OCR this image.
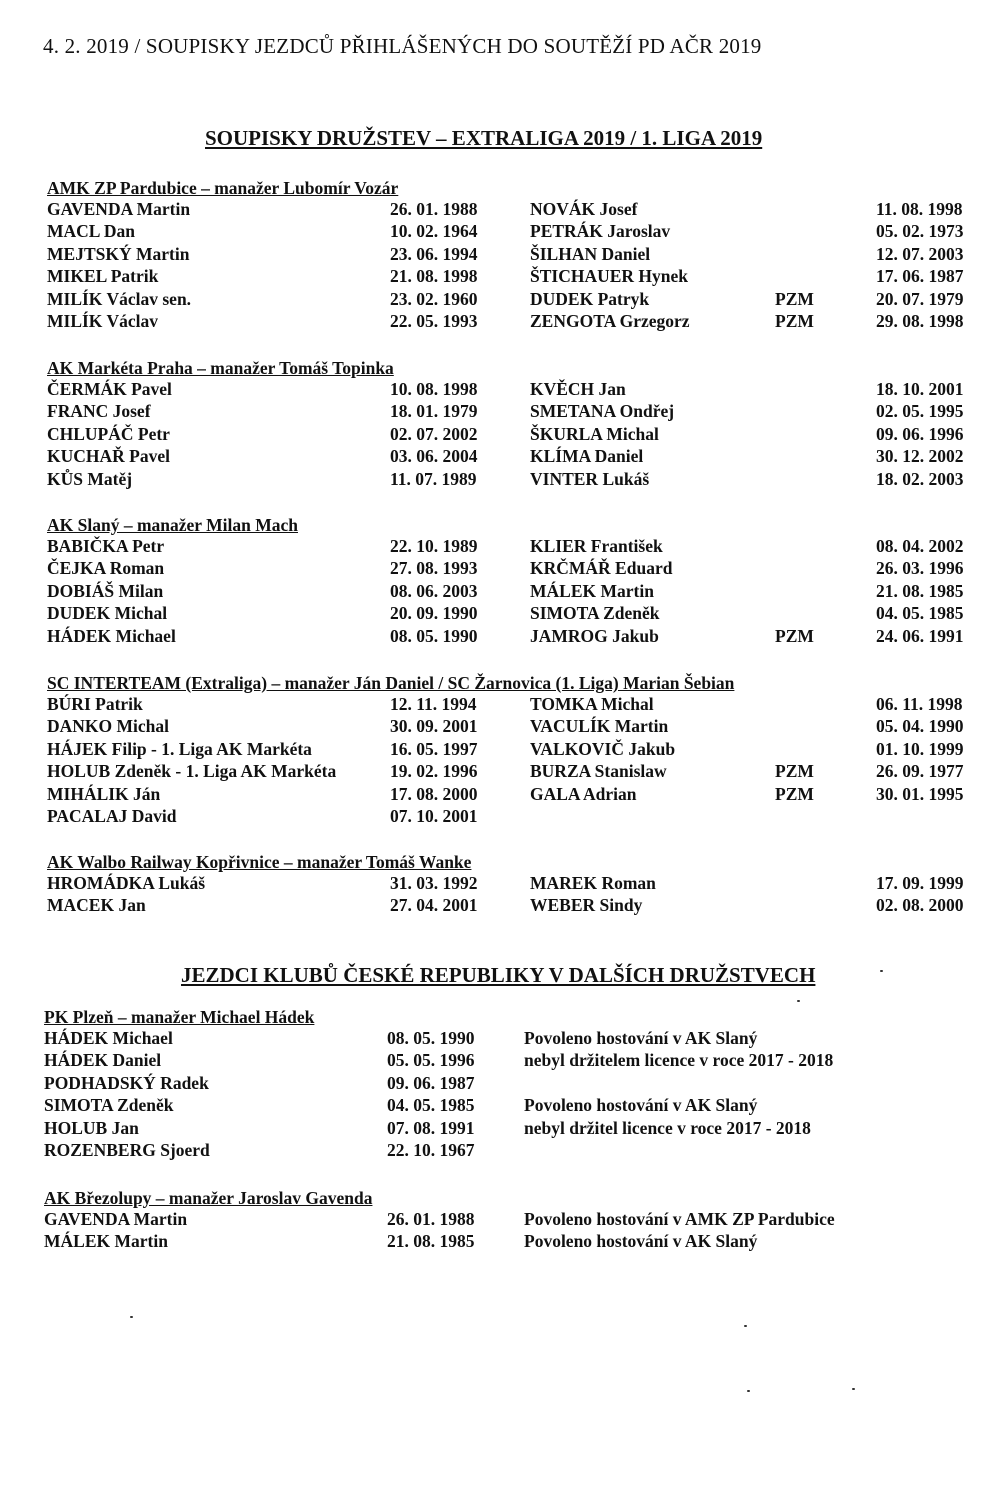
4. 2. 2019 / SOUPISKY JEZDCŮ PŘIHLÁŠENÝCH DO SOUTĚŽÍ PD AČR 2019
SOUPISKY DRUŽSTEV – EXTRALIGA 2019 / 1. LIGA 2019
AMK ZP Pardubice – manažer Lubomír Vozár
GAVENDA Martin	26. 01. 1988	NOVÁK Josef	11. 08. 1998
MACL Dan	10. 02. 1964	PETRÁK Jaroslav	05. 02. 1973
MEJTSKÝ Martin	23. 06. 1994	ŠILHAN Daniel	12. 07. 2003
MIKEL Patrik	21. 08. 1998	ŠTICHAUER Hynek	17. 06. 1987
MILÍK Václav sen.	23. 02. 1960	DUDEK Patryk	PZM	20. 07. 1979
MILÍK Václav	22. 05. 1993	ZENGOTA Grzegorz	PZM	29. 08. 1998
AK Markéta Praha – manažer Tomáš Topinka
ČERMÁK Pavel	10. 08. 1998	KVĚCH Jan	18. 10. 2001
FRANC Josef	18. 01. 1979	SMETANA Ondřej	02. 05. 1995
CHLUPÁČ Petr	02. 07. 2002	ŠKURLA Michal	09. 06. 1996
KUCHAŘ Pavel	03. 06. 2004	KLÍMA Daniel	30. 12. 2002
KŮS Matěj	11. 07. 1989	VINTER Lukáš	18. 02. 2003
AK Slaný – manažer Milan Mach
BABIČKA Petr	22. 10. 1989	KLIER František	08. 04. 2002
ČEJKA Roman	27. 08. 1993	KRČMÁŘ Eduard	26. 03. 1996
DOBIÁŠ Milan	08. 06. 2003	MÁLEK Martin	21. 08. 1985
DUDEK Michal	20. 09. 1990	SIMOTA Zdeněk	04. 05. 1985
HÁDEK Michael	08. 05. 1990	JAMROG Jakub	PZM	24. 06. 1991
SC INTERTEAM (Extraliga) – manažer Ján Daniel / SC Žarnovica (1. Liga) Marian Šebian
BÚRI Patrik	12. 11. 1994	TOMKA Michal	06. 11. 1998
DANKO Michal	30. 09. 2001	VACULÍK Martin	05. 04. 1990
HÁJEK Filip - 1. Liga AK Markéta	16. 05. 1997	VALKOVIČ Jakub	01. 10. 1999
HOLUB Zdeněk - 1. Liga AK Markéta	19. 02. 1996	BURZA Stanislaw	PZM	26. 09. 1977
MIHÁLIK Ján	17. 08. 2000	GALA Adrian	PZM	30. 01. 1995
PACALAJ David	07. 10. 2001
AK Walbo Railway Kopřivnice – manažer Tomáš Wanke
HROMÁDKA Lukáš	31. 03. 1992	MAREK Roman	17. 09. 1999
MACEK Jan	27. 04. 2001	WEBER Sindy	02. 08. 2000
JEZDCI KLUBŮ ČESKÉ REPUBLIKY V DALŠÍCH DRUŽSTVECH
PK Plzeň – manažer Michael Hádek
HÁDEK Michael	08. 05. 1990	Povoleno hostování v AK Slaný
HÁDEK Daniel	05. 05. 1996	nebyl držitelem licence v roce 2017 - 2018
PODHADSKÝ Radek	09. 06. 1987
SIMOTA Zdeněk	04. 05. 1985	Povoleno hostování v AK Slaný
HOLUB Jan	07. 08. 1991	nebyl držitel licence v roce 2017 - 2018
ROZENBERG Sjoerd	22. 10. 1967
AK Březolupy – manažer Jaroslav Gavenda
GAVENDA Martin	26. 01. 1988	Povoleno hostování v AMK ZP Pardubice
MÁLEK Martin	21. 08. 1985	Povoleno hostování v AK Slaný
